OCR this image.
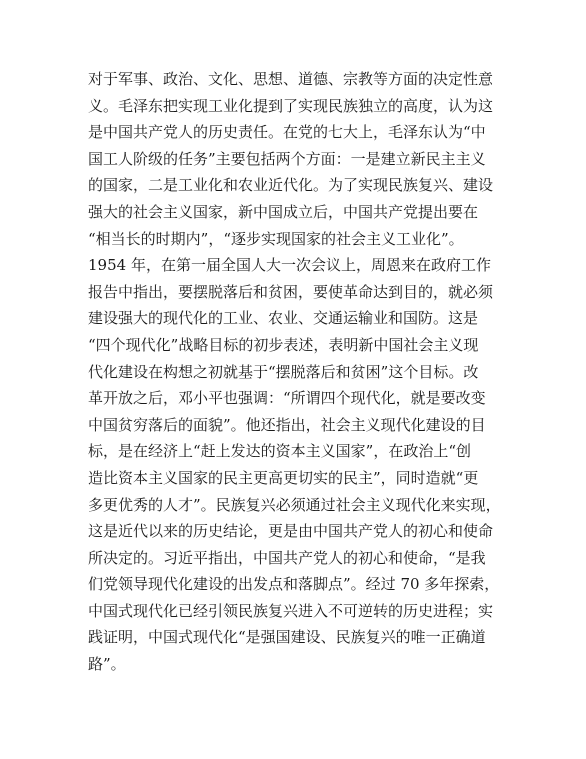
对于军事、政治、文化、思想、道德、宗教等方面的决定性意
义。毛泽东把实现工业化提到了实现民族独立的高度，认为这
是中国共产党人的历史责任。在党的七大上，毛泽东认为“中
国工人阶级的任务”主要包括两个方面：一是建立新民主主义
的国家，二是工业化和农业近代化。为了实现民族复兴、建设
强大的社会主义国家，新中国成立后，中国共产党提出要在
“相当长的时期内”，“逐步实现国家的社会主义工业化”。
1954 年，在第一届全国人大一次会议上，周恩来在政府工作
报告中指出，要摆脱落后和贫困，要使革命达到目的，就必须
建设强大的现代化的工业、农业、交通运输业和国防。这是
“四个现代化”战略目标的初步表述，表明新中国社会主义现
代化建设在构想之初就基于“摆脱落后和贫困”这个目标。改
革开放之后，邓小平也强调：“所谓四个现代化，就是要改变
中国贫穷落后的面貌”。他还指出，社会主义现代化建设的目
标，是在经济上“赶上发达的资本主义国家”，在政治上“创
造比资本主义国家的民主更高更切实的民主”，同时造就“更
多更优秀的人才”。民族复兴必须通过社会主义现代化来实现，
这是近代以来的历史结论，更是由中国共产党人的初心和使命
所决定的。习近平指出，中国共产党人的初心和使命，“是我
们党领导现代化建设的出发点和落脚点”。经过 70 多年探索，
中国式现代化已经引领民族复兴进入不可逆转的历史进程；实
践证明，中国式现代化“是强国建设、民族复兴的唯一正确道
路”。
